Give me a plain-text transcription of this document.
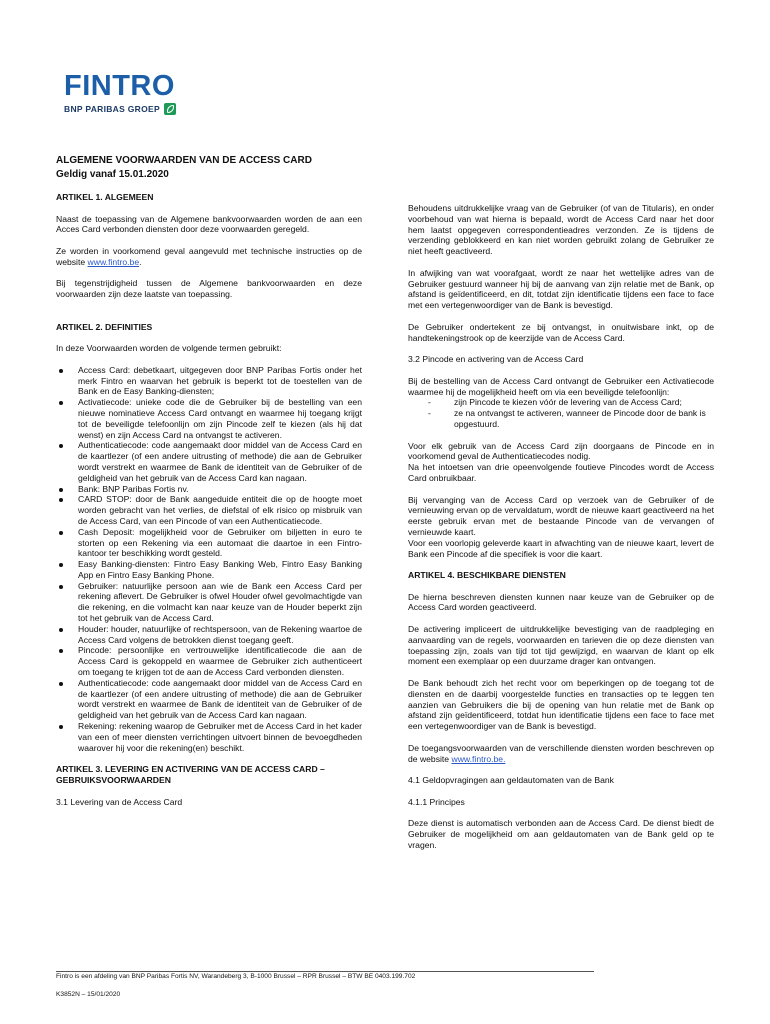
FINTRO
BNP PARIBAS GROEP
ALGEMENE VOORWAARDEN VAN DE ACCESS CARD
Geldig vanaf 15.01.2020
ARTIKEL 1. ALGEMEEN
Naast de toepassing van de Algemene bankvoorwaarden worden de aan een Acces Card verbonden diensten door deze voorwaarden geregeld.
Ze worden in voorkomend geval aangevuld met technische instructies op de website www.fintro.be.
Bij tegenstrijdigheid tussen de Algemene bankvoorwaarden en deze voorwaarden zijn deze laatste van toepassing.
ARTIKEL 2. DEFINITIES
In deze Voorwaarden worden de volgende termen gebruikt:
Access Card: debetkaart, uitgegeven door BNP Paribas Fortis onder het merk Fintro en waarvan het gebruik is beperkt tot de toestellen van de Bank en de Easy Banking-diensten;
Activatiecode: unieke code die de Gebruiker bij de bestelling van een nieuwe nominatieve Access Card ontvangt en waarmee hij toegang krijgt tot de beveiligde telefoonlijn om zijn Pincode zelf te kiezen (als hij dat wenst) en zijn Access Card na ontvangst te activeren.
Authenticatiecode: code aangemaakt door middel van de Access Card en de kaartlezer (of een andere uitrusting of methode) die aan de Gebruiker wordt verstrekt en waarmee de Bank de identiteit van de Gebruiker of de geldigheid van het gebruik van de Access Card kan nagaan.
Bank: BNP Paribas Fortis nv.
CARD STOP: door de Bank aangeduide entiteit die op de hoogte moet worden gebracht van het verlies, de diefstal of elk risico op misbruik van de Access Card, van een Pincode of van een Authenticatiecode.
Cash Deposit: mogelijkheid voor de Gebruiker om biljetten in euro te storten op een Rekening via een automaat die daartoe in een Fintro-kantoor ter beschikking wordt gesteld.
Easy Banking-diensten: Fintro Easy Banking Web, Fintro Easy Banking App en Fintro Easy Banking Phone.
Gebruiker: natuurlijke persoon aan wie de Bank een Access Card per rekening aflevert. De Gebruiker is ofwel Houder ofwel gevolmachtigde van die rekening, en die volmacht kan naar keuze van de Houder beperkt zijn tot het gebruik van de Access Card.
Houder: houder, natuurlijke of rechtspersoon, van de Rekening waartoe de Access Card volgens de betrokken dienst toegang geeft.
Pincode: persoonlijke en vertrouwelijke identificatiecode die aan de Access Card is gekoppeld en waarmee de Gebruiker zich authenticeert om toegang te krijgen tot de aan de Access Card verbonden diensten.
Authenticatiecode: code aangemaakt door middel van de Access Card en de kaartlezer (of een andere uitrusting of methode) die aan de Gebruiker wordt verstrekt en waarmee de Bank de identiteit van de Gebruiker of de geldigheid van het gebruik van de Access Card kan nagaan.
Rekening: rekening waarop de Gebruiker met de Access Card in het kader van een of meer diensten verrichtingen uitvoert binnen de bevoegdheden waarover hij voor die rekening(en) beschikt.
ARTIKEL 3. LEVERING EN ACTIVERING VAN DE ACCESS CARD – GEBRUIKSVOORWAARDEN
3.1 Levering van de Access Card
Behoudens uitdrukkelijke vraag van de Gebruiker (of van de Titularis), en onder voorbehoud van wat hierna is bepaald, wordt de Access Card naar het door hem laatst opgegeven correspondentieadres verzonden. Ze is tijdens de verzending geblokkeerd en kan niet worden gebruikt zolang de Gebruiker ze niet heeft geactiveerd.
In afwijking van wat voorafgaat, wordt ze naar het wettelijke adres van de Gebruiker gestuurd wanneer hij bij de aanvang van zijn relatie met de Bank, op afstand is geïdentificeerd, en dit, totdat zijn identificatie tijdens een face to face met een vertegenwoordiger van de Bank is bevestigd.
De Gebruiker ondertekent ze bij ontvangst, in onuitwisbare inkt, op de handtekeningstrook op de keerzijde van de Access Card.
3.2 Pincode en activering van de Access Card
Bij de bestelling van de Access Card ontvangt de Gebruiker een Activatiecode waarmee hij de mogelijkheid heeft om via een beveiligde telefoonlijn:
- zijn Pincode te kiezen vóór de levering van de Access Card;
- ze na ontvangst te activeren, wanneer de Pincode door de bank is opgestuurd.
Voor elk gebruik van de Access Card zijn doorgaans de Pincode en in voorkomend geval de Authenticatiecodes nodig.
Na het intoetsen van drie opeenvolgende foutieve Pincodes wordt de Access Card onbruikbaar.
Bij vervanging van de Access Card op verzoek van de Gebruiker of de vernieuwing ervan op de vervaldatum, wordt de nieuwe kaart geactiveerd na het eerste gebruik ervan met de bestaande Pincode van de vervangen of vernieuwde kaart.
Voor een voorlopig geleverde kaart in afwachting van de nieuwe kaart, levert de Bank een Pincode af die specifiek is voor die kaart.
ARTIKEL 4. BESCHIKBARE DIENSTEN
De hierna beschreven diensten kunnen naar keuze van de Gebruiker op de Access Card worden geactiveerd.
De activering impliceert de uitdrukkelijke bevestiging van de raadpleging en aanvaarding van de regels, voorwaarden en tarieven die op deze diensten van toepassing zijn, zoals van tijd tot tijd gewijzigd, en waarvan de klant op elk moment een exemplaar op een duurzame drager kan ontvangen.
De Bank behoudt zich het recht voor om beperkingen op de toegang tot de diensten en de daarbij voorgestelde functies en transacties op te leggen ten aanzien van Gebruikers die bij de opening van hun relatie met de Bank op afstand zijn geïdentificeerd, totdat hun identificatie tijdens een face to face met een vertegenwoordiger van de Bank is bevestigd.
De toegangsvoorwaarden van de verschillende diensten worden beschreven op de website www.fintro.be.
4.1 Geldopvragingen aan geldautomaten van de Bank
4.1.1 Principes
Deze dienst is automatisch verbonden aan de Access Card. De dienst biedt de Gebruiker de mogelijkheid om aan geldautomaten van de Bank geld op te vragen.
Fintro is een afdeling van BNP Paribas Fortis NV, Warandeberg 3, B-1000 Brussel – RPR Brussel – BTW BE 0403.199.702
K3852N – 15/01/2020
